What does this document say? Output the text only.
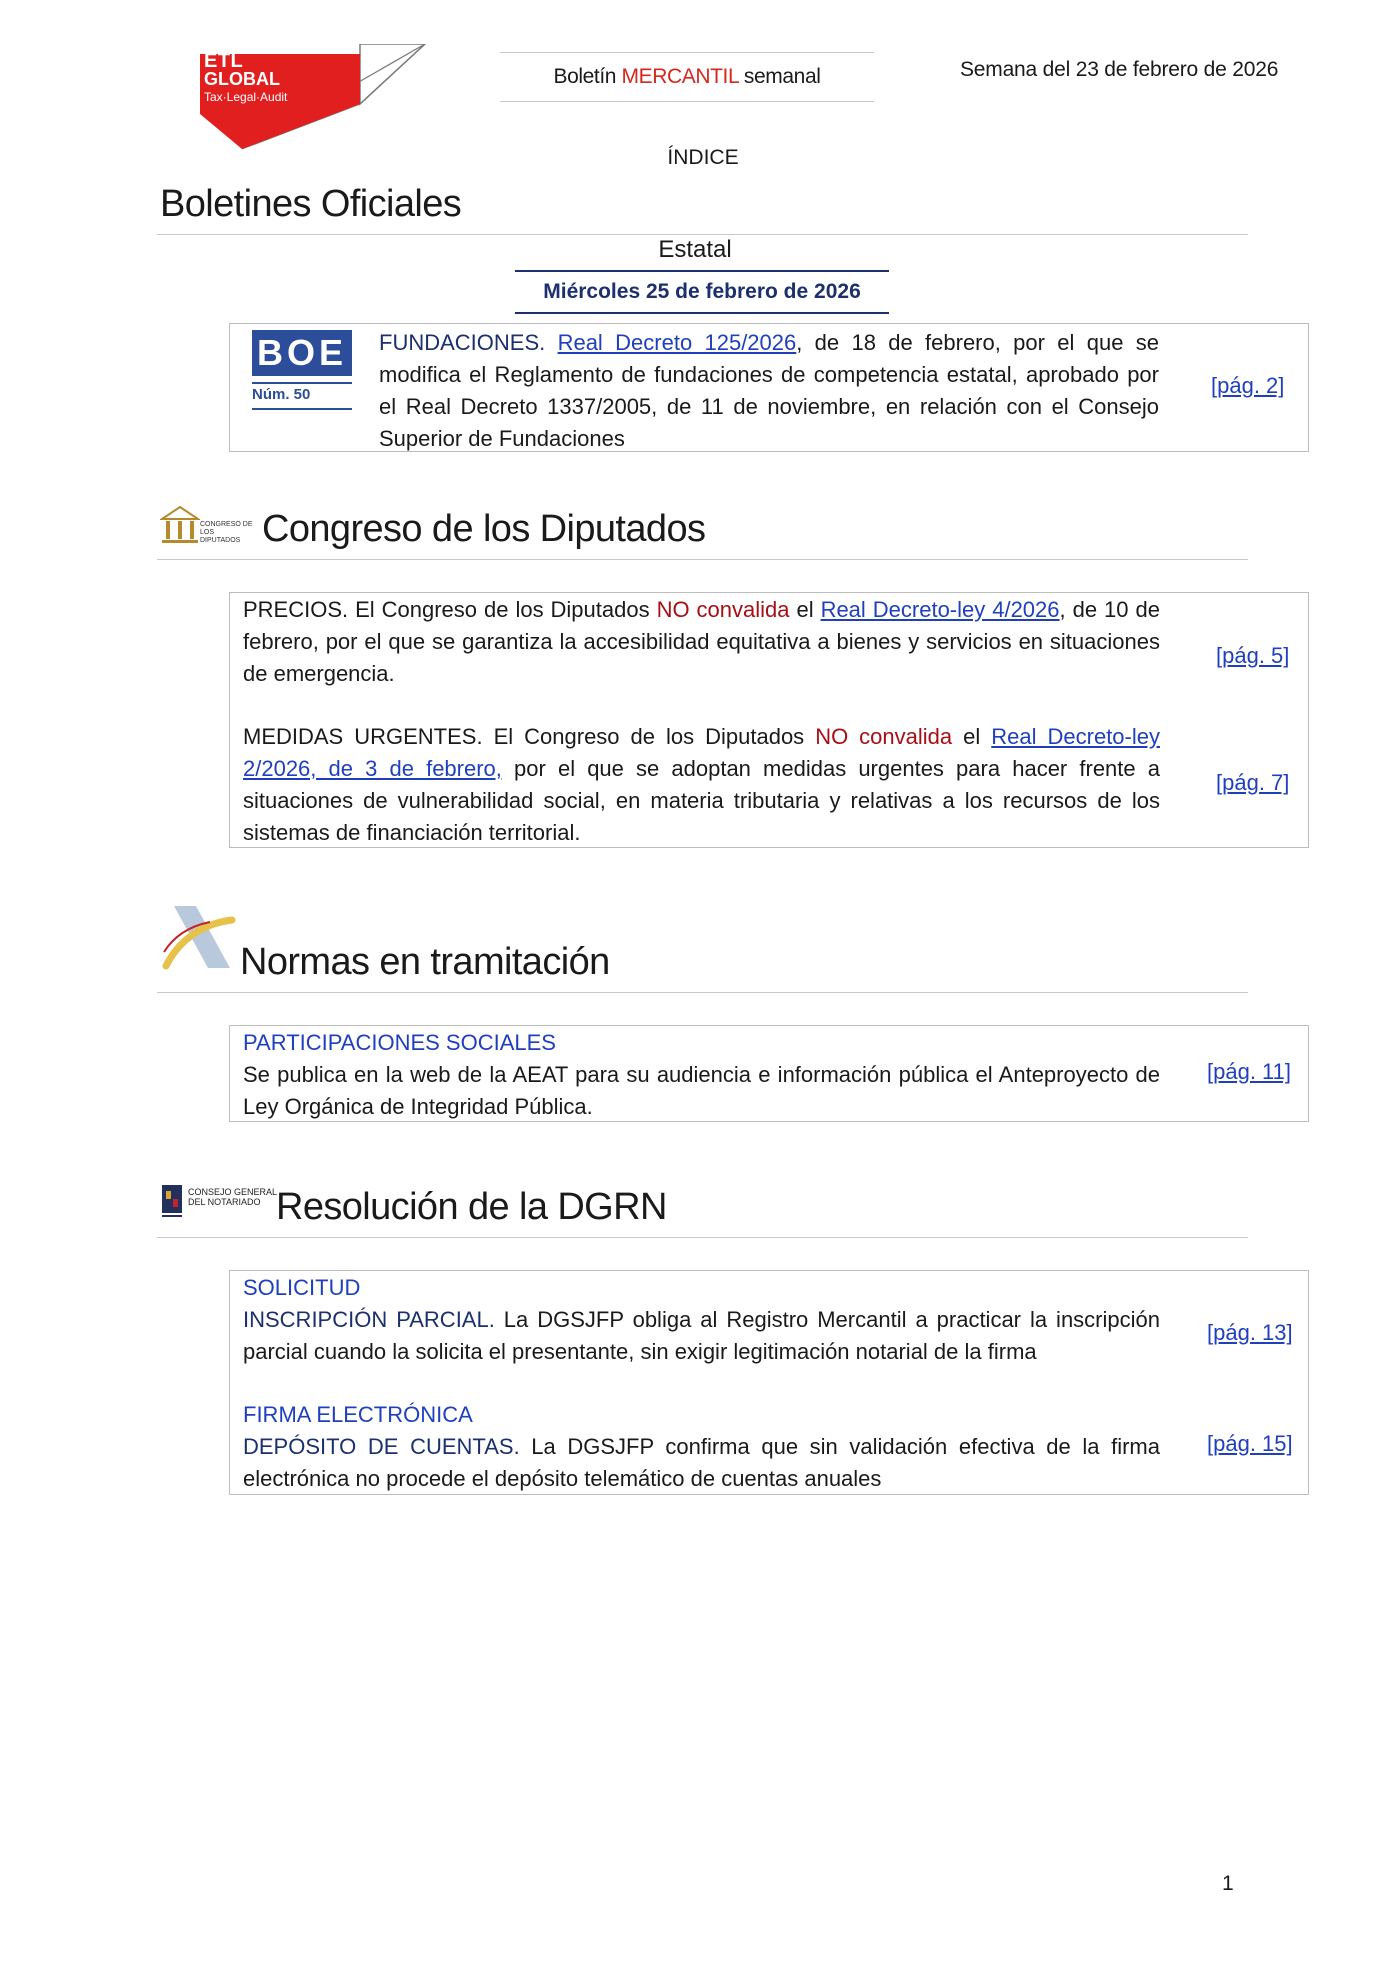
ETL
GLOBAL
Tax·Legal·Audit
Boletín MERCANTIL semanal	Semana del 23 de febrero de 2026
ÍNDICE
Boletines Oficiales
Estatal
Miércoles 25 de febrero de 2026
BOE
Núm. 50
FUNDACIONES. Real Decreto 125/2026, de 18 de febrero, por el que se modifica el Reglamento de fundaciones de competencia estatal, aprobado por el Real Decreto 1337/2005, de 11 de noviembre, en relación con el Consejo Superior de Fundaciones
[pág. 2]
CONGRESO DE LOS DIPUTADOS Congreso de los Diputados
PRECIOS. El Congreso de los Diputados NO convalida el Real Decreto-ley 4/2026, de 10 de febrero, por el que se garantiza la accesibilidad equitativa a bienes y servicios en situaciones de emergencia.
[pág. 5]
MEDIDAS URGENTES. El Congreso de los Diputados NO convalida el Real Decreto-ley 2/2026, de 3 de febrero, por el que se adoptan medidas urgentes para hacer frente a situaciones de vulnerabilidad social, en materia tributaria y relativas a los recursos de los sistemas de financiación territorial.
[pág. 7]
Normas en tramitación
PARTICIPACIONES SOCIALES
Se publica en la web de la AEAT para su audiencia e información pública el Anteproyecto de Ley Orgánica de Integridad Pública.
[pág. 11]
CONSEJO GENERAL
DEL NOTARIADO Resolución de la DGRN
SOLICITUD
INSCRIPCIÓN PARCIAL. La DGSJFP obliga al Registro Mercantil a practicar la inscripción parcial cuando la solicita el presentante, sin exigir legitimación notarial de la firma
[pág. 13]
FIRMA ELECTRÓNICA
DEPÓSITO DE CUENTAS. La DGSJFP confirma que sin validación efectiva de la firma electrónica no procede el depósito telemático de cuentas anuales
[pág. 15]
1
